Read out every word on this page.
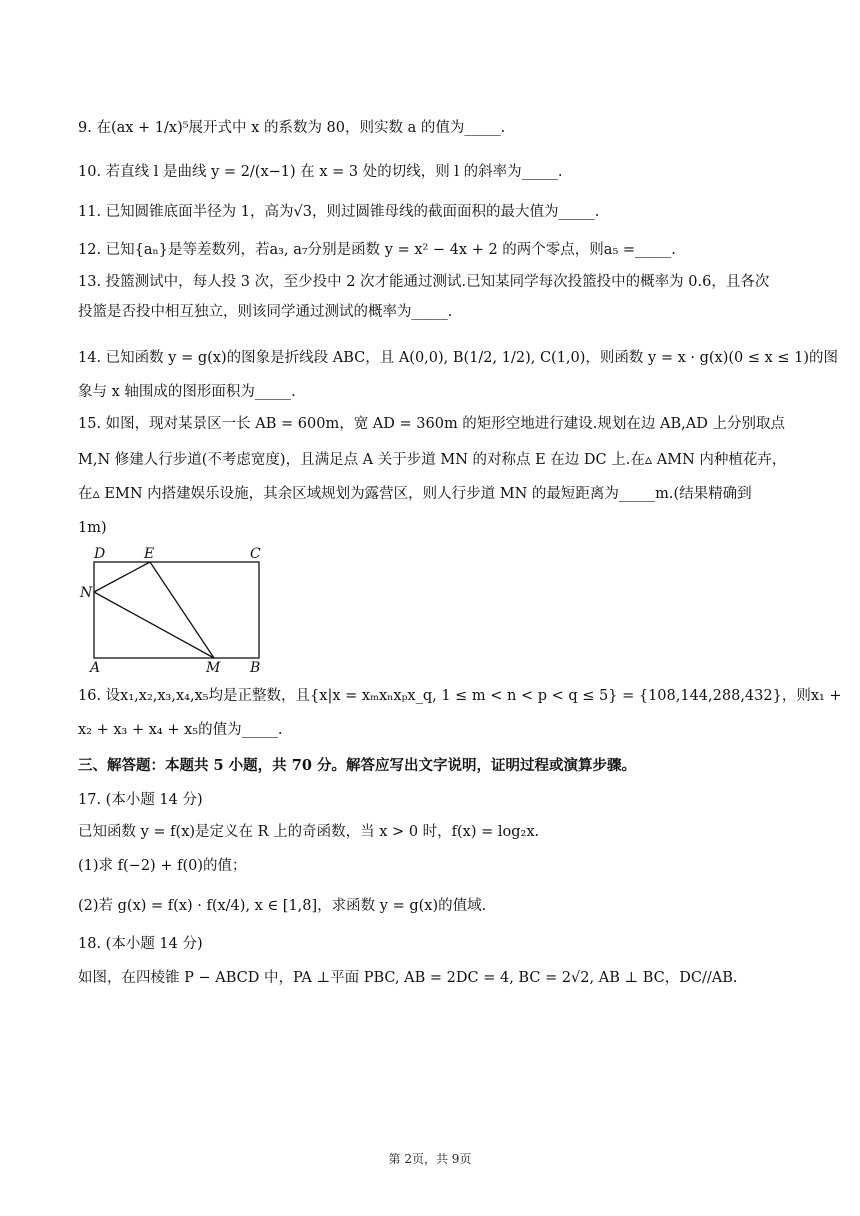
9. 在(ax + 1/x)⁵展开式中 x 的系数为 80，则实数 a 的值为_____.
10. 若直线 l 是曲线 y = 2/(x−1) 在 x = 3 处的切线，则 l 的斜率为_____.
11. 已知圆锥底面半径为 1，高为√3，则过圆锥母线的截面面积的最大值为_____.
12. 已知{aₙ}是等差数列，若a₃, a₇分别是函数 y = x² − 4x + 2 的两个零点，则a₅ =_____.
13. 投篮测试中，每人投 3 次，至少投中 2 次才能通过测试.已知某同学每次投篮投中的概率为 0.6，且各次
投篮是否投中相互独立，则该同学通过测试的概率为_____.
14. 已知函数 y = g(x)的图象是折线段 ABC，且 A(0,0), B(1/2, 1/2), C(1,0)，则函数 y = x · g(x)(0 ≤ x ≤ 1)的图
象与 x 轴围成的图形面积为_____.
15. 如图，现对某景区一长 AB = 600m，宽 AD = 360m 的矩形空地进行建设.规划在边 AB,AD 上分别取点
M,N 修建人行步道(不考虑宽度)，且满足点 A 关于步道 MN 的对称点 E 在边 DC 上.在▵ AMN 内种植花卉，
在▵ EMN 内搭建娱乐设施，其余区域规划为露营区，则人行步道 MN 的最短距离为_____m.(结果精确到
1m)
D	E	C
N
A	M B
16. 设x₁,x₂,x₃,x₄,x₅均是正整数，且{x|x = xₘxₙxₚx_q, 1 ≤ m < n < p < q ≤ 5} = {108,144,288,432}，则x₁ +
x₂ + x₃ + x₄ + x₅的值为_____.
三、解答题：本题共 5 小题，共 70 分。解答应写出文字说明，证明过程或演算步骤。
17. (本小题 14 分)
已知函数 y = f(x)是定义在 R 上的奇函数，当 x > 0 时，f(x) = log₂x.
(1)求 f(−2) + f(0)的值；
(2)若 g(x) = f(x) · f(x/4), x ∈ [1,8]，求函数 y = g(x)的值域.
18. (本小题 14 分)
如图，在四棱锥 P − ABCD 中，PA ⊥平面 PBC, AB = 2DC = 4, BC = 2√2, AB ⊥ BC，DC//AB.
第 2页，共 9页
